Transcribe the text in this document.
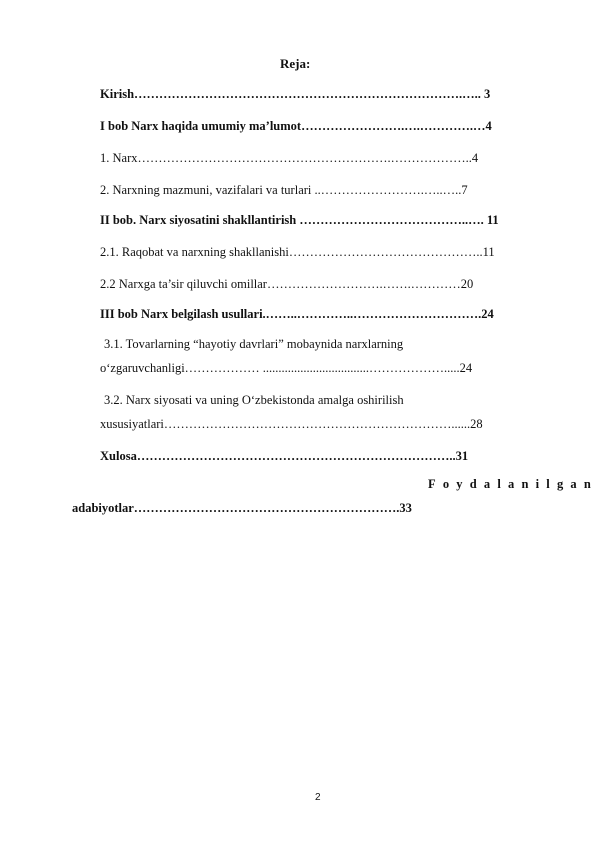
Reja:
Kirish…………………………………………………………………….….. 3
I bob Narx haqida umumiy ma’lumot…………………….….………….…4
1. Narx…………………………………………………….………………..4
2. Narxning mazmuni, vazifalari va turlari ..…………………….…..…..7
II bob. Narx siyosatini shakllantirish …………………………………..…. 11
2.1. Raqobat va narxning shakllanishi………………………………………..11
2.2 Narxga ta’sir qiluvchi omillar……………………….…….…………20
III bob Narx belgilash usullari.……..…………..………………………….24
3.1. Tovarlarning “hayotiy davrlari” mobaynida narxlarning
o‘zgaruvchanligi……………… ..................................……………….....24
3.2. Narx siyosati va uning O‘zbekistonda amalga oshirilish
xususiyatlari……………………………………………………………......28
Xulosa…………………………………………………………………..31
Foydalanilgan
adabiyotlar……………………………………………………….33
2
